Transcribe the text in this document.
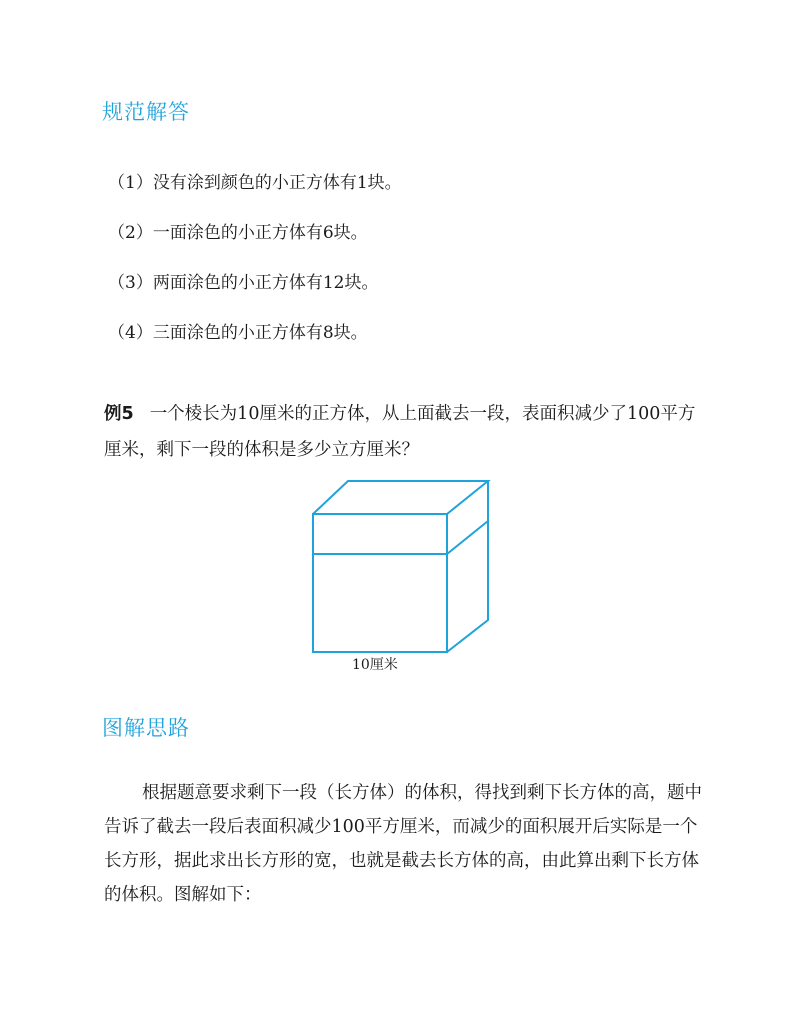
规范解答
（1）没有涂到颜色的小正方体有1块。
（2）一面涂色的小正方体有6块。
（3）两面涂色的小正方体有12块。
（4）三面涂色的小正方体有8块。
例5 一个棱长为10厘米的正方体，从上面截去一段，表面积减少了100平方厘米，剩下一段的体积是多少立方厘米？
10厘米
图解思路
根据题意要求剩下一段（长方体）的体积，得找到剩下长方体的高，题中告诉了截去一段后表面积减少100平方厘米，而减少的面积展开后实际是一个长方形，据此求出长方形的宽，也就是截去长方体的高，由此算出剩下长方体的体积。图解如下：
